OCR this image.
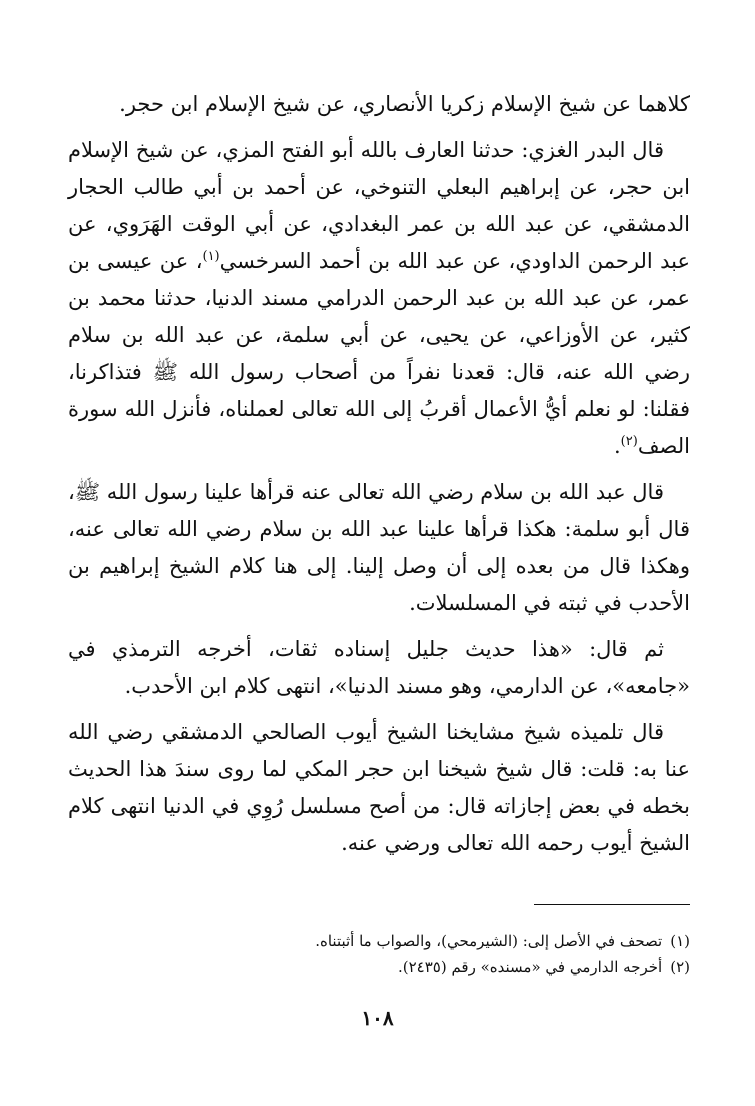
كلاهما عن شيخ الإسلام زكريا الأنصاري، عن شيخ الإسلام ابن حجر.

قال البدر الغزي: حدثنا العارف بالله أبو الفتح المزي، عن شيخ الإسلام ابن حجر، عن إبراهيم البعلي التنوخي، عن أحمد بن أبي طالب الحجار الدمشقي، عن عبد الله بن عمر البغدادي، عن أبي الوقت الهَرَوي، عن عبد الرحمن الداودي، عن عبد الله بن أحمد السرخسي$^{(١)}$، عن عيسى بن عمر، عن عبد الله بن عبد الرحمن الدرامي مسند الدنيا، حدثنا محمد بن كثير، عن الأوزاعي، عن يحيى، عن أبي سلمة، عن عبد الله بن سلام رضي الله عنه، قال: قعدنا نفراً من أصحاب رسول الله ﷺ فتذاكرنا، فقلنا: لو نعلم أيُّ الأعمال أقربُ إلى الله تعالى لعملناه، فأنزل الله سورة الصف$^{(٢)}$.

قال عبد الله بن سلام رضي الله تعالى عنه قرأها علينا رسول الله ﷺ، قال أبو سلمة: هكذا قرأها علينا عبد الله بن سلام رضي الله تعالى عنه، وهكذا قال من بعده إلى أن وصل إلينا. إلى هنا كلام الشيخ إبراهيم بن الأحدب في ثبته في المسلسلات.

ثم قال: «هذا حديث جليل إسناده ثقات، أخرجه الترمذي في «جامعه»، عن الدارمي، وهو مسند الدنيا»، انتهى كلام ابن الأحدب.

قال تلميذه شيخ مشايخنا الشيخ أيوب الصالحي الدمشقي رضي الله عنا به: قلت: قال شيخ شيخنا ابن حجر المكي لما روى سندَ هذا الحديث بخطه في بعض إجازاته قال: من أصح مسلسل رُوِي في الدنيا انتهى كلام الشيخ أيوب رحمه الله تعالى ورضي عنه.

(١)تصحف في الأصل إلى: (الشيرمحي)، والصواب ما أثبتناه.
(٢)أخرجه الدارمي في «مسنده» رقم (٢٤٣٥).
١٠٨
